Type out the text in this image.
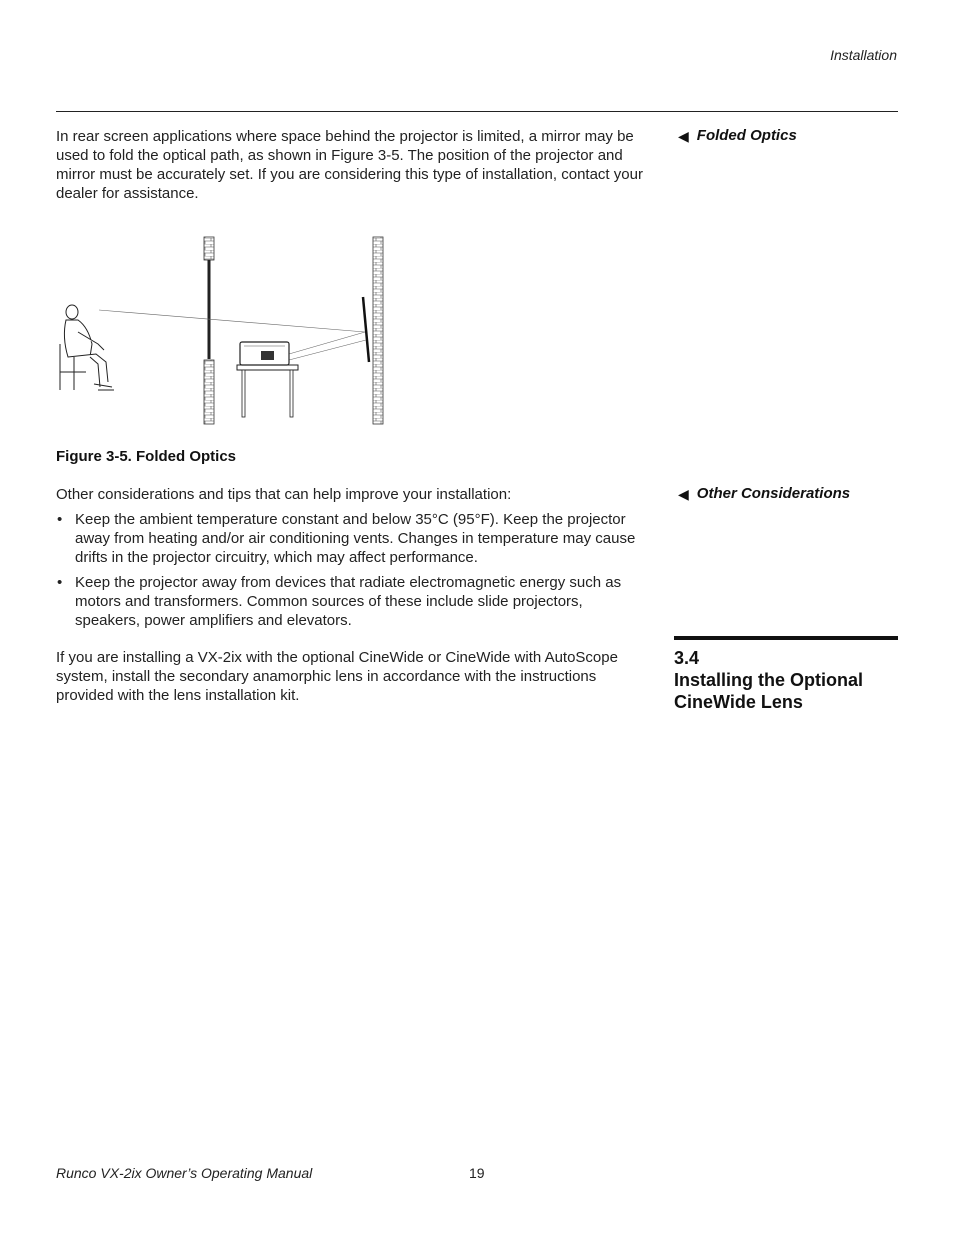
Installation
In rear screen applications where space behind the projector is limited, a mirror may be used to fold the optical path, as shown in Figure 3-5. The position of the projector and mirror must be accurately set. If you are considering this type of installation, contact your dealer for assistance.
◀ Folded Optics
Figure 3-5. Folded Optics
◀ Other Considerations
Other considerations and tips that can help improve your installation:
• Keep the ambient temperature constant and below 35°C (95°F). Keep the projector away from heating and/or air conditioning vents. Changes in temperature may cause drifts in the projector circuitry, which may affect performance.
• Keep the projector away from devices that radiate electromagnetic energy such as motors and transformers. Common sources of these include slide projectors, speakers, power amplifiers and elevators.
3.4
Installing the Optional
CineWide Lens
If you are installing a VX-2ix with the optional CineWide or CineWide with AutoScope system, install the secondary anamorphic lens in accordance with the instructions provided with the lens installation kit.
Runco VX-2ix Owner’s Operating Manual	19
